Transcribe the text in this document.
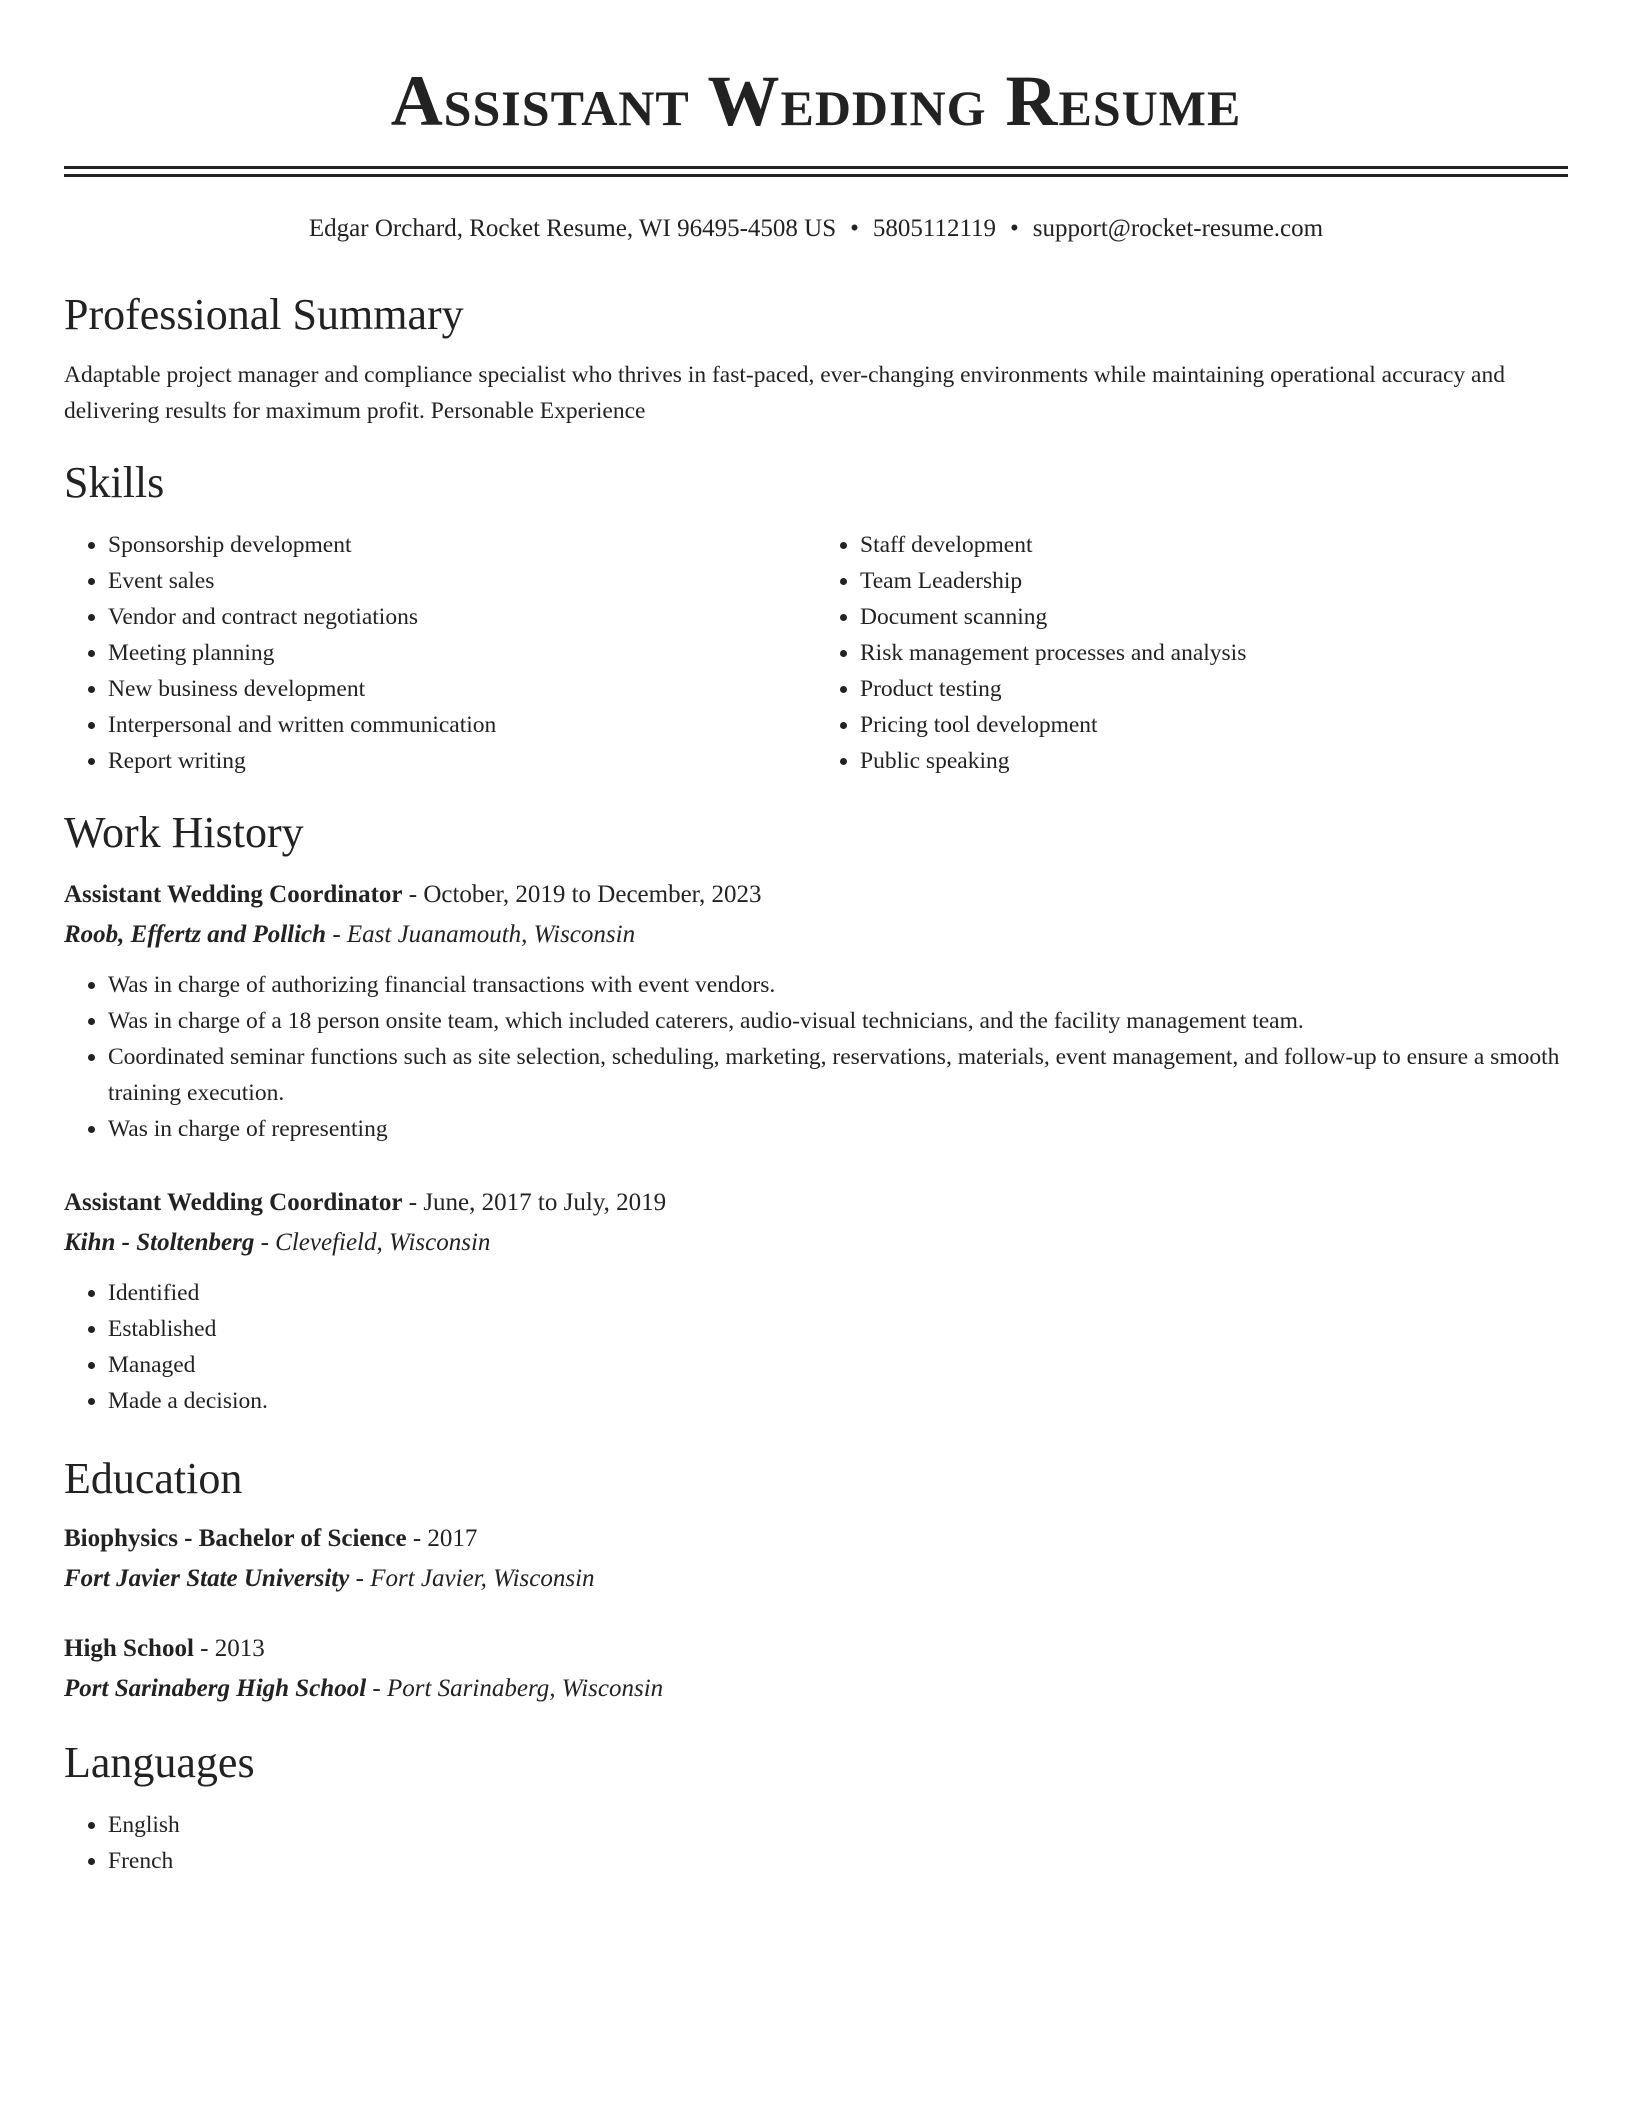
Assistant Wedding Resume
Edgar Orchard, Rocket Resume, WI 96495-4508 US • 5805112119 • support@rocket-resume.com
Professional Summary

Adaptable project manager and compliance specialist who thrives in fast-paced, ever-changing environments while maintaining operational accuracy and delivering results for maximum profit. Personable Experience

Skills
• Sponsorship development
• Event sales
• Vendor and contract negotiations
• Meeting planning
• New business development
• Interpersonal and written communication
• Report writing
• Staff development
• Team Leadership
• Document scanning
• Risk management processes and analysis
• Product testing
• Pricing tool development
• Public speaking
Work History
Assistant Wedding Coordinator - October, 2019 to December, 2023
Roob, Effertz and Pollich - East Juanamouth, Wisconsin
• Was in charge of authorizing financial transactions with event vendors.
• Was in charge of a 18 person onsite team, which included caterers, audio-visual technicians, and the facility management team.
• Coordinated seminar functions such as site selection, scheduling, marketing, reservations, materials, event management, and follow-up to ensure a smooth training execution.
• Was in charge of representing
Assistant Wedding Coordinator - June, 2017 to July, 2019
Kihn - Stoltenberg - Clevefield, Wisconsin
• Identified
• Established
• Managed
• Made a decision.
Education
Biophysics - Bachelor of Science - 2017
Fort Javier State University - Fort Javier, Wisconsin
High School - 2013
Port Sarinaberg High School - Port Sarinaberg, Wisconsin
Languages
• English
• French
